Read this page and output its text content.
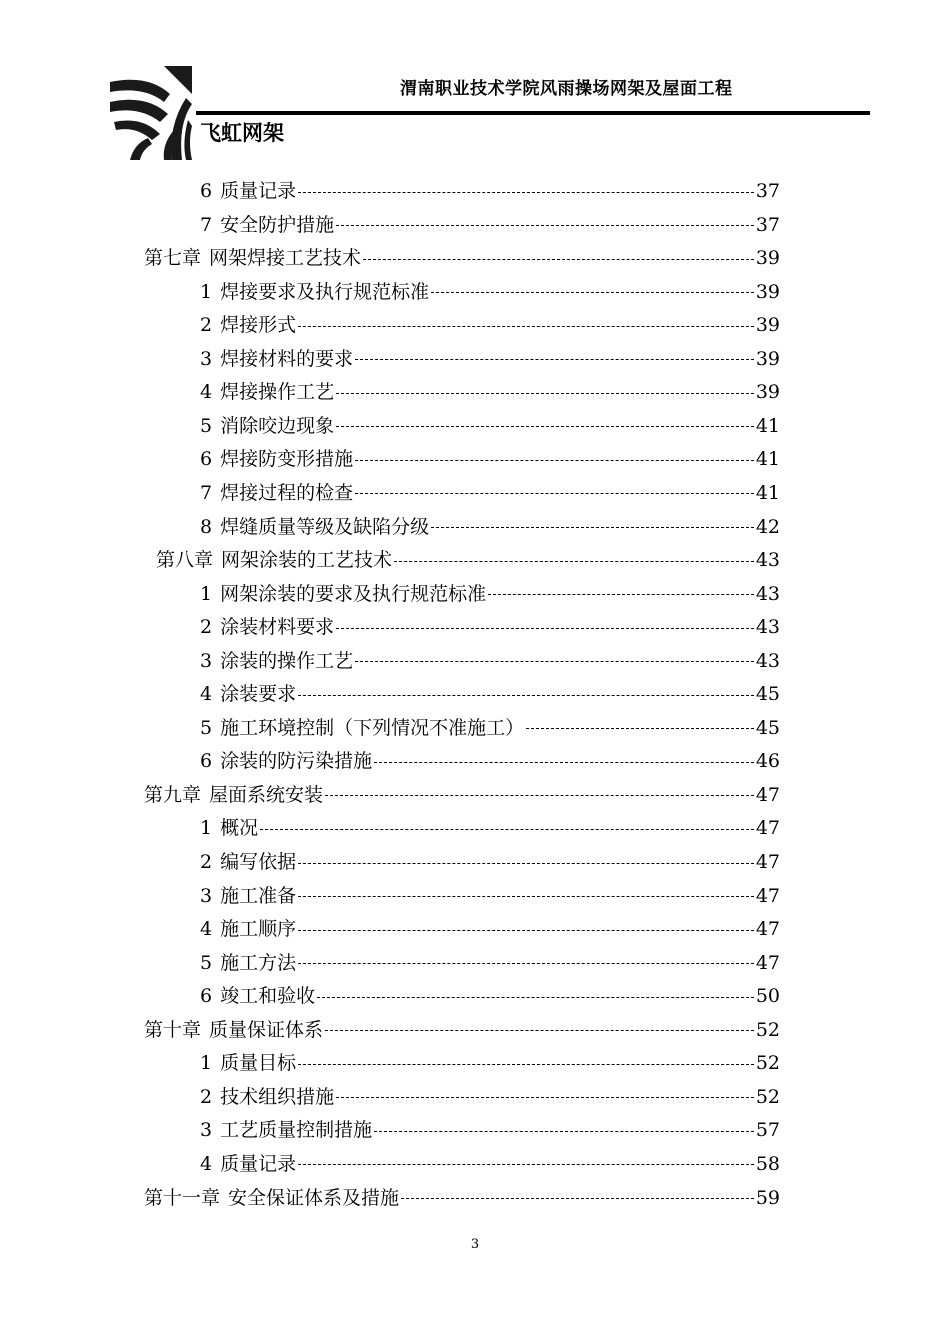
渭南职业技术学院风雨操场网架及屋面工程
飞虹网架
6 质量记录	37
7 安全防护措施	37
第七章 网架焊接工艺技术	39
1 焊接要求及执行规范标准	39
2 焊接形式	39
3 焊接材料的要求	39
4 焊接操作工艺	39
5 消除咬边现象	41
6 焊接防变形措施	41
7 焊接过程的检查	41
8 焊缝质量等级及缺陷分级	42
第八章 网架涂装的工艺技术	43
1 网架涂装的要求及执行规范标准	43
2 涂装材料要求	43
3 涂装的操作工艺	43
4 涂装要求	45
5 施工环境控制（下列情况不准施工）	45
6 涂装的防污染措施	46
第九章 屋面系统安装	47
1 概况	47
2 编写依据	47
3 施工准备	47
4 施工顺序	47
5 施工方法	47
6 竣工和验收	50
第十章 质量保证体系	52
1 质量目标	52
2 技术组织措施	52
3 工艺质量控制措施	57
4 质量记录	58
第十一章 安全保证体系及措施	59
3
